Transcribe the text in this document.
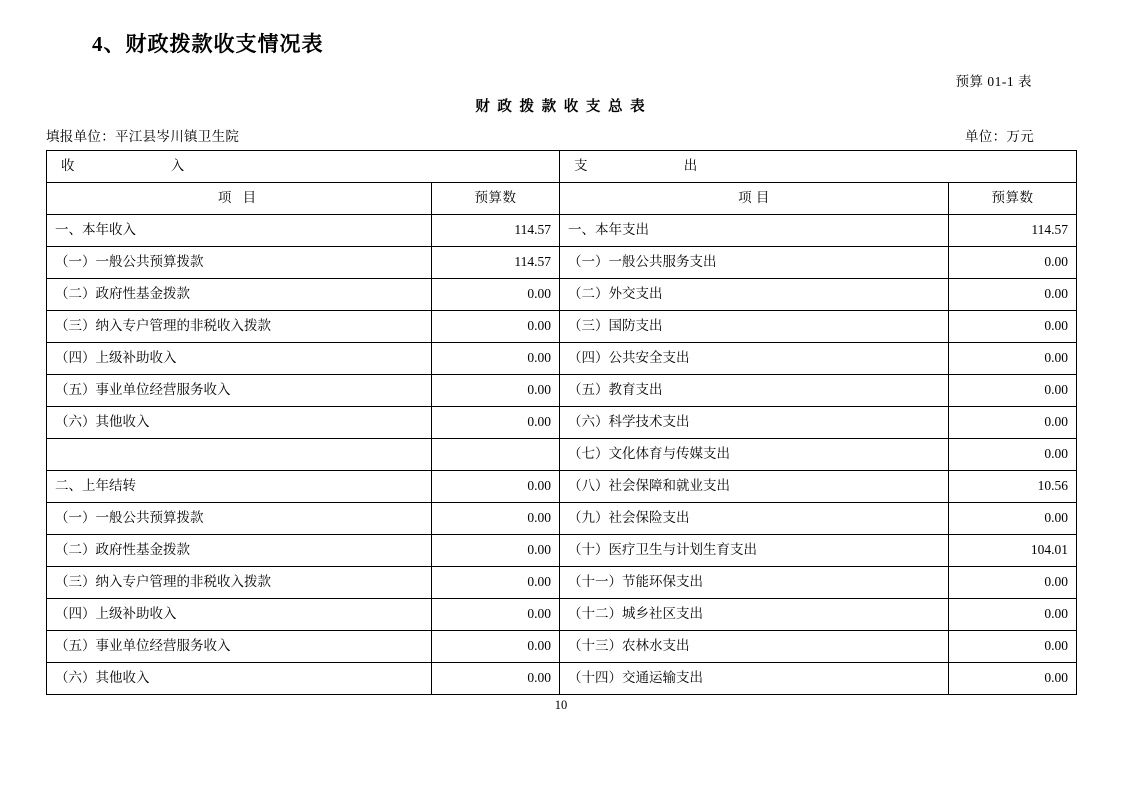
4、财政拨款收支情况表
预算 01-1 表
财 政 拨 款 收 支 总 表
填报单位：平江县岑川镇卫生院	单位：万元
收 入		支 出	
项 目	预算数	项 目	预算数
一、本年收入	114.57	一、本年支出	114.57
（一）一般公共预算拨款	114.57	（一）一般公共服务支出	0.00
（二）政府性基金拨款	0.00	（二）外交支出	0.00
（三）纳入专户管理的非税收入拨款	0.00	（三）国防支出	0.00
（四）上级补助收入	0.00	（四）公共安全支出	0.00
（五）事业单位经营服务收入	0.00	（五）教育支出	0.00
（六）其他收入	0.00	（六）科学技术支出	0.00
		（七）文化体育与传媒支出	0.00
二、上年结转	0.00	（八）社会保障和就业支出	10.56
（一）一般公共预算拨款	0.00	（九）社会保险支出	0.00
（二）政府性基金拨款	0.00	（十）医疗卫生与计划生育支出	104.01
（三）纳入专户管理的非税收入拨款	0.00	（十一）节能环保支出	0.00
（四）上级补助收入	0.00	（十二）城乡社区支出	0.00
（五）事业单位经营服务收入	0.00	（十三）农林水支出	0.00
（六）其他收入	0.00	（十四）交通运输支出	0.00
10
